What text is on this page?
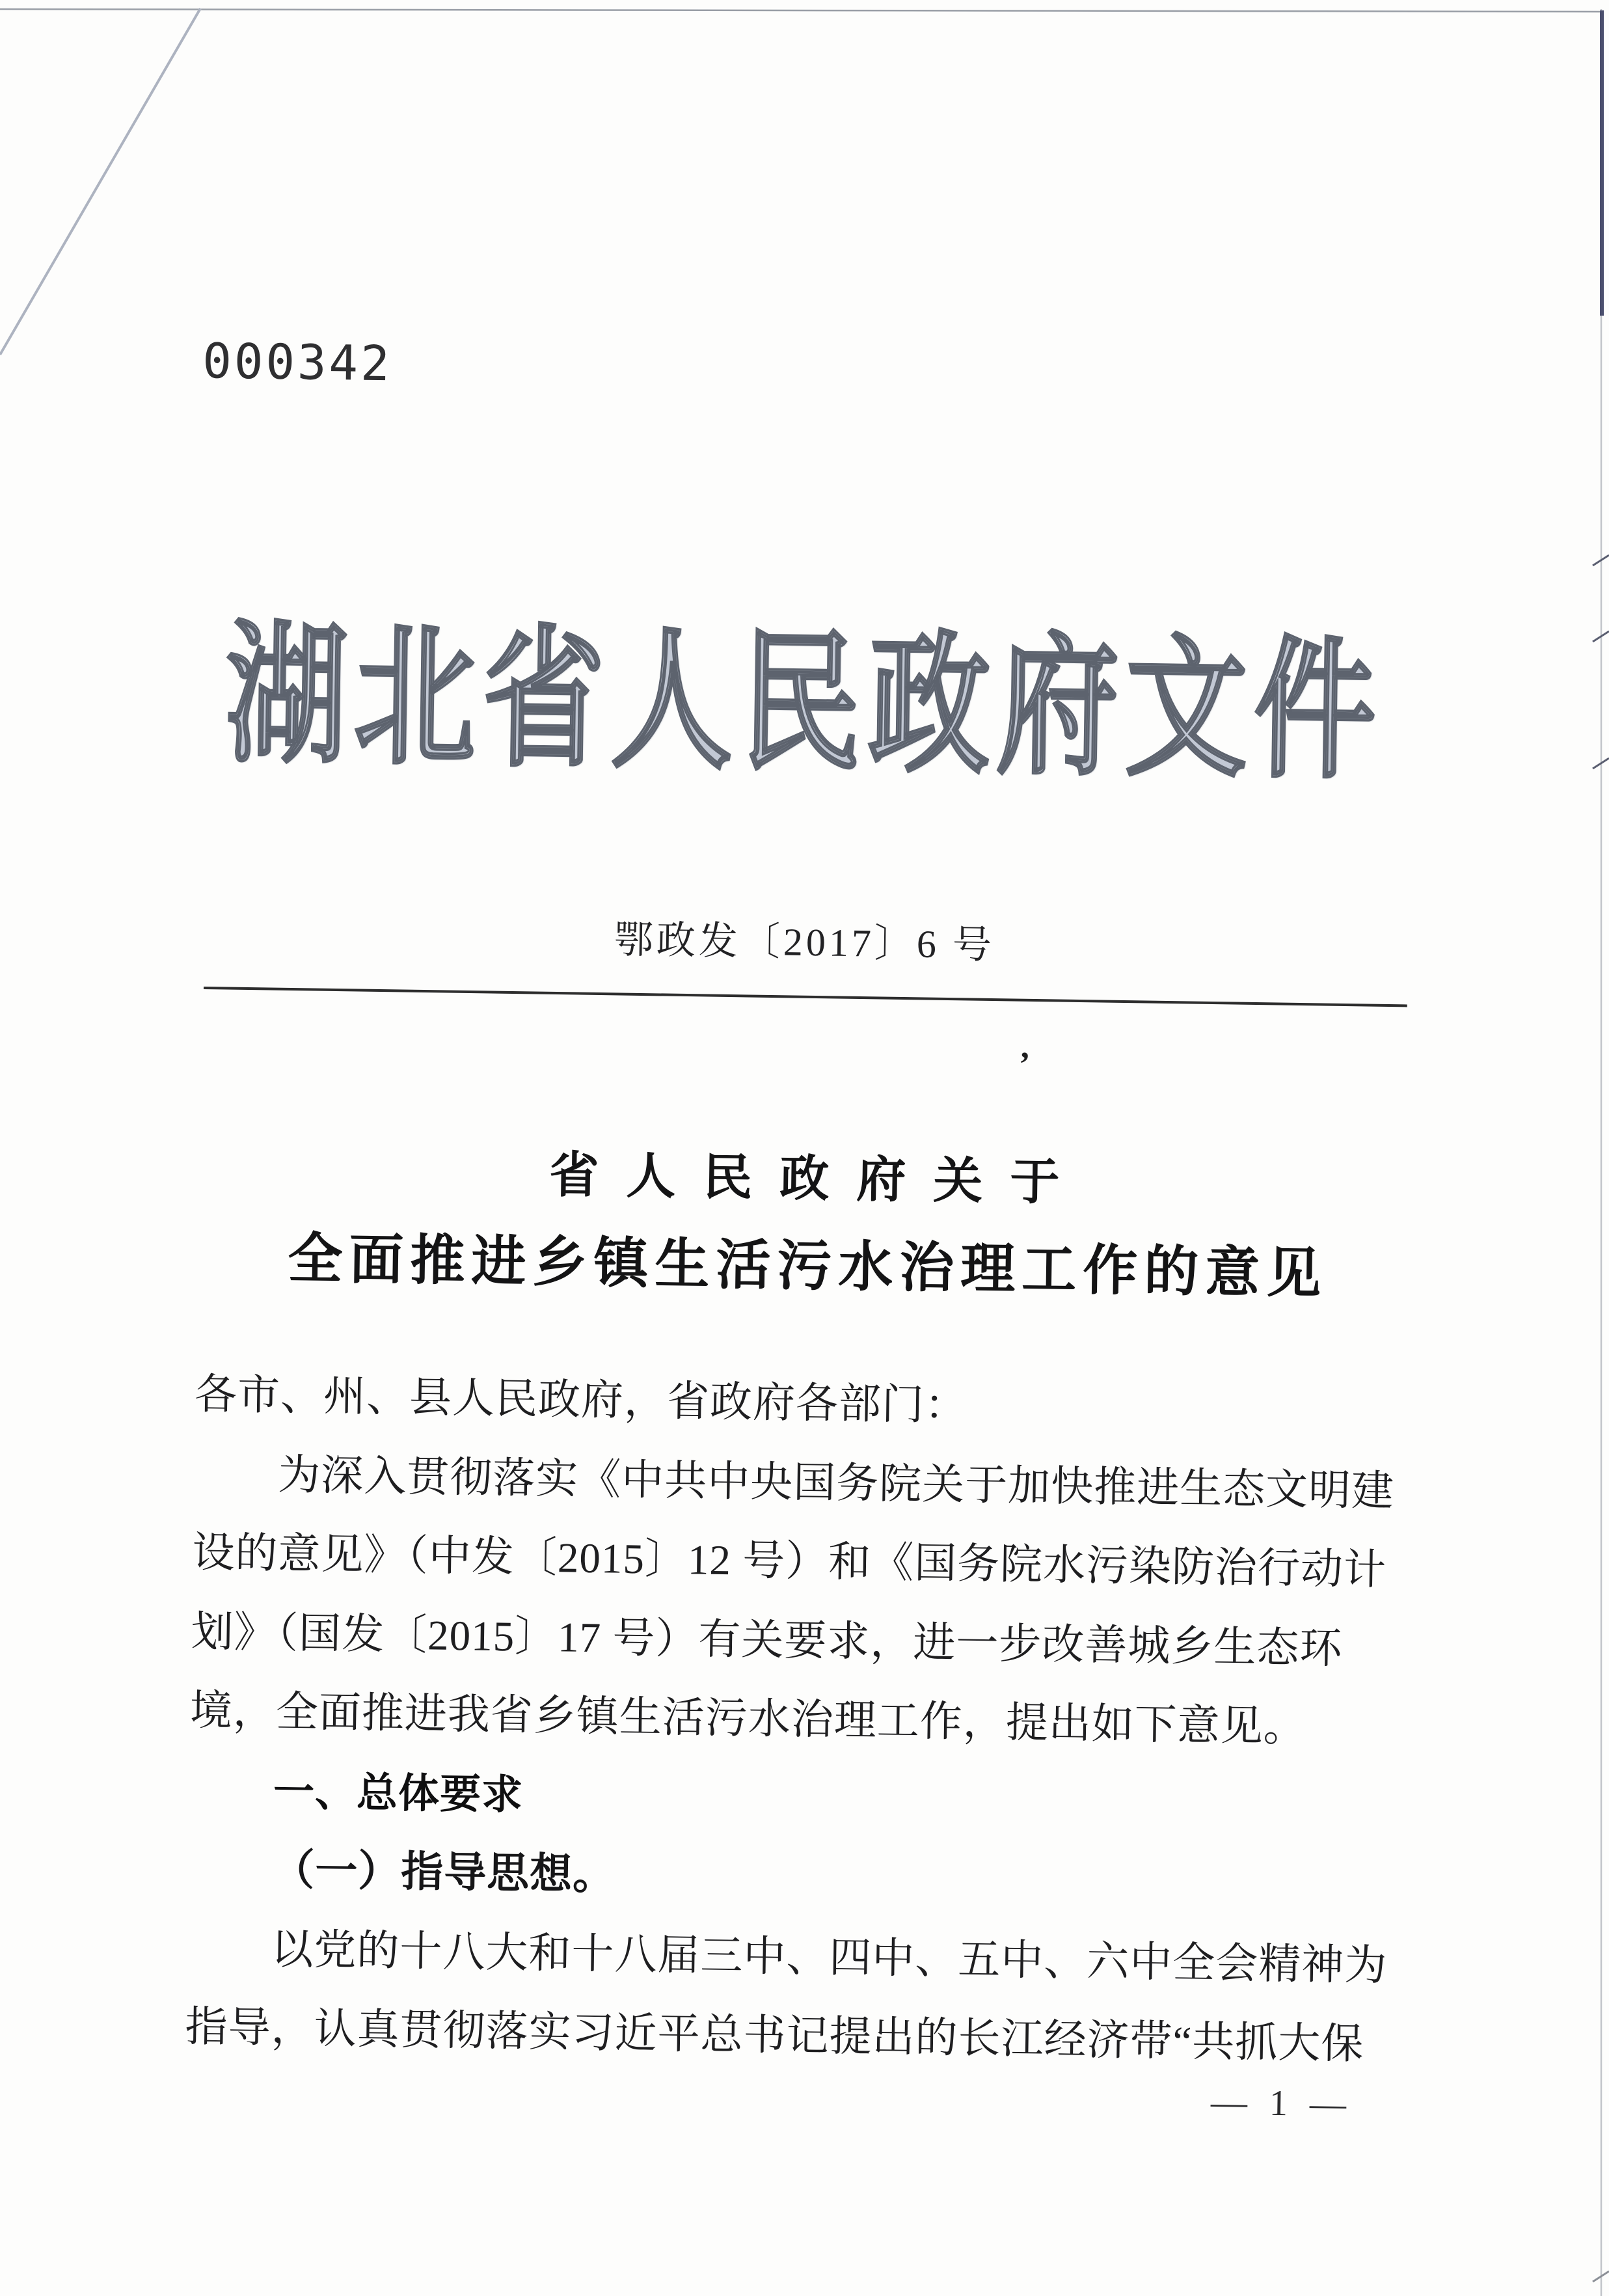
000342
湖北省人民政府文件
鄂政发〔2017〕6 号
’
省人民政府关于
全面推进乡镇生活污水治理工作的意见
各市、州、县人民政府，省政府各部门：
为深入贯彻落实《中共中央国务院关于加快推进生态文明建
设的意见》（中发〔2015〕12 号）和《国务院水污染防治行动计
划》（国发〔2015〕17 号）有关要求，进一步改善城乡生态环
境，全面推进我省乡镇生活污水治理工作，提出如下意见。
一、总体要求
（一）指导思想。
以党的十八大和十八届三中、四中、五中、六中全会精神为
指导，认真贯彻落实习近平总书记提出的长江经济带“共抓大保
— 1 —
